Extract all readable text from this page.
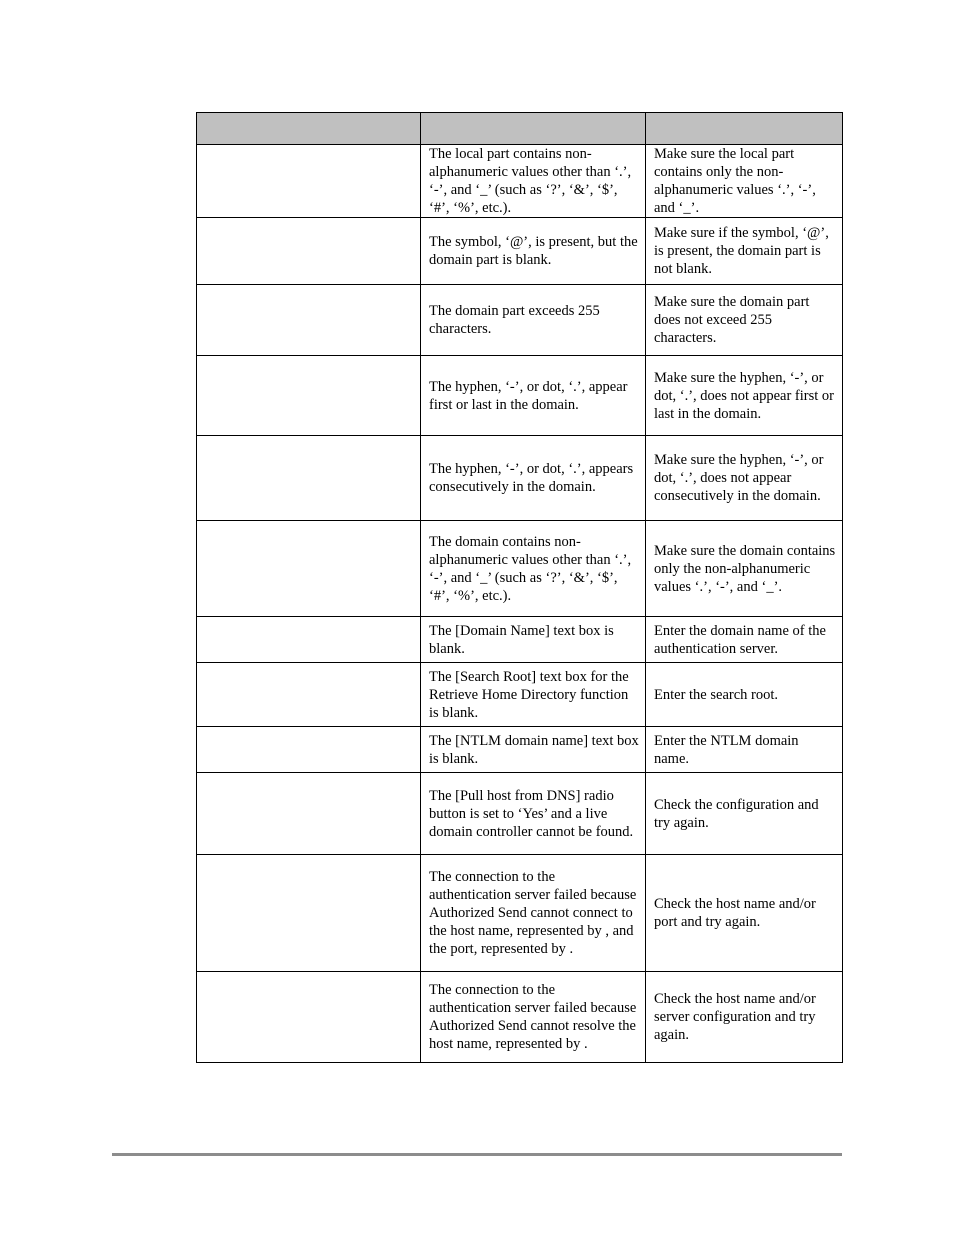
	The local part contains non-alphanumeric values other than ‘.’, ‘-’, and ‘_’ (such as ‘?’, ‘&’, ‘$’, ‘#’, ‘%’, etc.).	Make sure the local part contains only the non-alphanumeric values ‘.’, ‘-’, and ‘_’.
	The symbol, ‘@’, is present, but the domain part is blank.	Make sure if the symbol, ‘@’, is present, the domain part is not blank.
	The domain part exceeds 255 characters.	Make sure the domain part does not exceed 255 characters.
	The hyphen, ‘-’, or dot, ‘.’, appear first or last in the domain.	Make sure the hyphen, ‘-’, or dot, ‘.’, does not appear first or last in the domain.
	The hyphen, ‘-’, or dot, ‘.’, appears consecutively in the domain.	Make sure the hyphen, ‘-’, or dot, ‘.’, does not appear consecutively in the domain.
	The domain contains non-alphanumeric values other than ‘.’, ‘-’, and ‘_’ (such as ‘?’, ‘&’, ‘$’, ‘#’, ‘%’, etc.).	Make sure the domain contains only the non-alphanumeric values ‘.’, ‘-’, and ‘_’.
	The [Domain Name] text box is blank.	Enter the domain name of the authentication server.
	The [Search Root] text box for the Retrieve Home Directory function is blank.	Enter the search root.
	The [NTLM domain name] text box is blank.	Enter the NTLM domain name.
	The [Pull host from DNS] radio button is set to ‘Yes’ and a live domain controller cannot be found.	Check the configuration and try again.
	The connection to the authentication server failed because Authorized Send cannot connect to the host name, represented by , and the port, represented by .	Check the host name and/or port and try again.
	The connection to the authentication server failed because Authorized Send cannot resolve the host name, represented by .	Check the host name and/or server configuration and try again.
